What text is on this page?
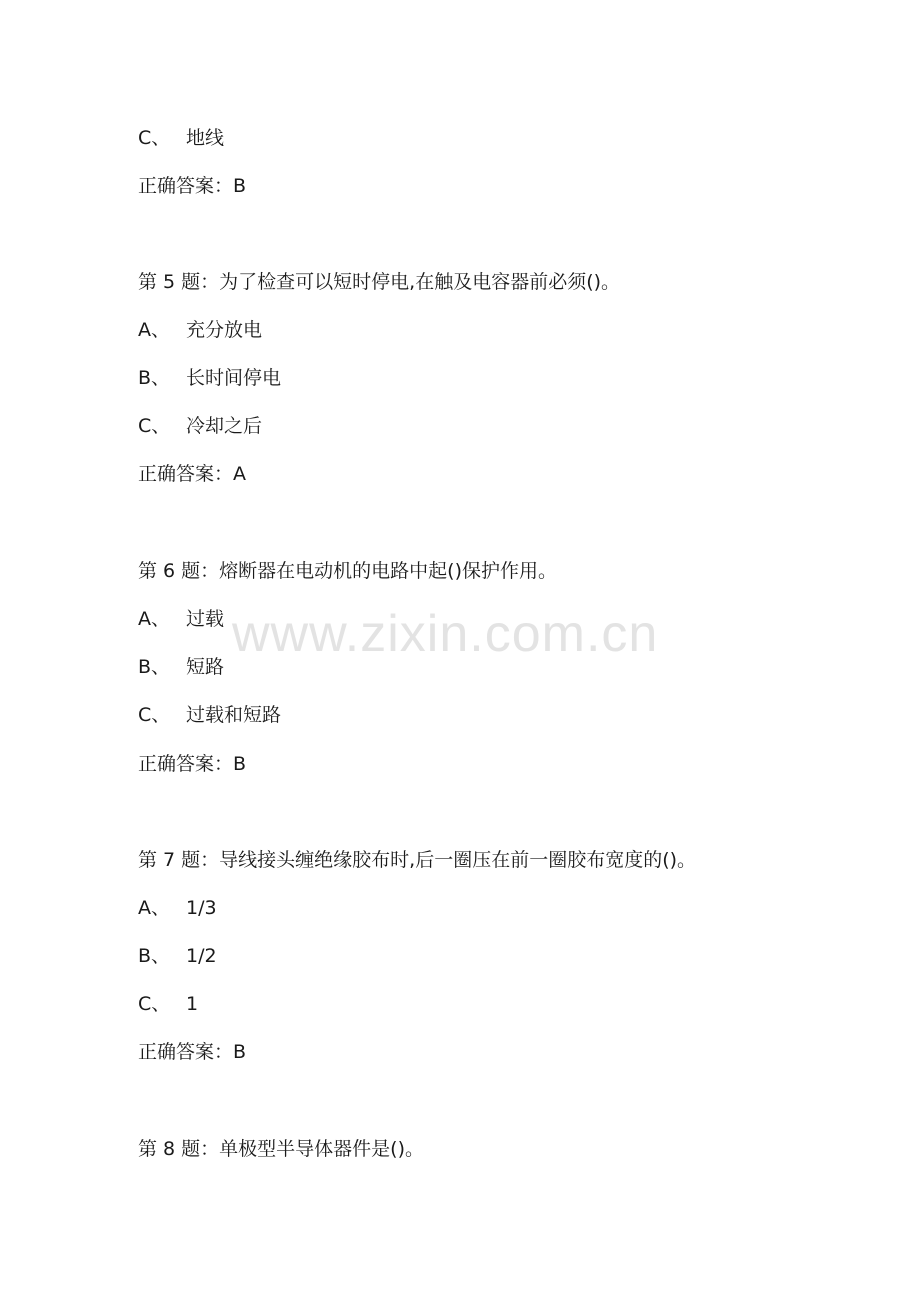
www.zixin.com.cn
C、 地线
正确答案：B
第 5 题：为了检查可以短时停电,在触及电容器前必须()。
A、 充分放电
B、 长时间停电
C、 冷却之后
正确答案：A
第 6 题：熔断器在电动机的电路中起()保护作用。
A、 过载
B、 短路
C、 过载和短路
正确答案：B
第 7 题：导线接头缠绝缘胶布时,后一圈压在前一圈胶布宽度的()。
A、 1/3
B、 1/2
C、 1
正确答案：B
第 8 题：单极型半导体器件是()。
